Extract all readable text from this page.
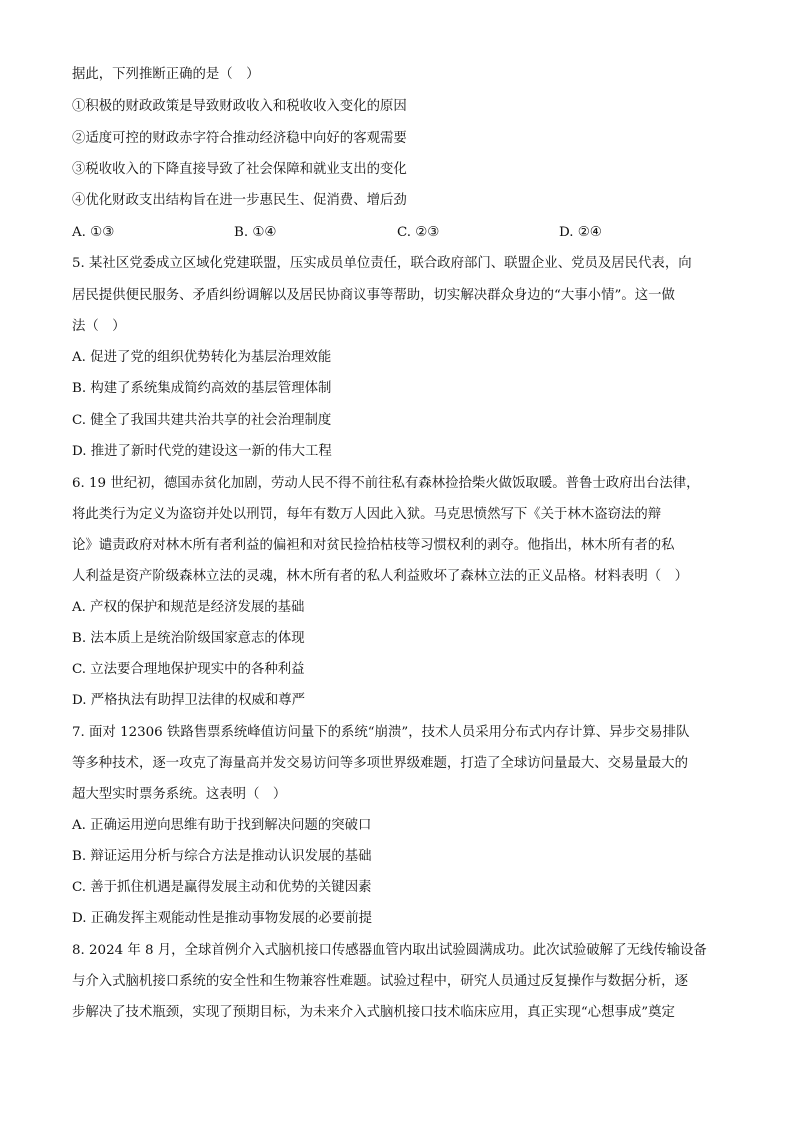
据此，下列推断正确的是（　）
①积极的财政政策是导致财政收入和税收收入变化的原因
②适度可控的财政赤字符合推动经济稳中向好的客观需要
③税收收入的下降直接导致了社会保障和就业支出的变化
④优化财政支出结构旨在进一步惠民生、促消费、增后劲
A. ①③	B. ①④	C. ②③	D. ②④
5. 某社区党委成立区域化党建联盟，压实成员单位责任，联合政府部门、联盟企业、党员及居民代表，向
居民提供便民服务、矛盾纠纷调解以及居民协商议事等帮助，切实解决群众身边的“大事小情”。这一做
法（　）
A. 促进了党的组织优势转化为基层治理效能
B. 构建了系统集成简约高效的基层管理体制
C. 健全了我国共建共治共享的社会治理制度
D. 推进了新时代党的建设这一新的伟大工程
6. 19 世纪初，德国赤贫化加剧，劳动人民不得不前往私有森林捡拾柴火做饭取暖。普鲁士政府出台法律，
将此类行为定义为盗窃并处以刑罚，每年有数万人因此入狱。马克思愤然写下《关于林木盗窃法的辩
论》谴责政府对林木所有者利益的偏袒和对贫民捡拾枯枝等习惯权利的剥夺。他指出，林木所有者的私
人利益是资产阶级森林立法的灵魂，林木所有者的私人利益败坏了森林立法的正义品格。材料表明（　）
A. 产权的保护和规范是经济发展的基础
B. 法本质上是统治阶级国家意志的体现
C. 立法要合理地保护现实中的各种利益
D. 严格执法有助捍卫法律的权威和尊严
7. 面对 12306 铁路售票系统峰值访问量下的系统“崩溃”，技术人员采用分布式内存计算、异步交易排队
等多种技术，逐一攻克了海量高并发交易访问等多项世界级难题，打造了全球访问量最大、交易量最大的
超大型实时票务系统。这表明（　）
A. 正确运用逆向思维有助于找到解决问题的突破口
B. 辩证运用分析与综合方法是推动认识发展的基础
C. 善于抓住机遇是赢得发展主动和优势的关键因素
D. 正确发挥主观能动性是推动事物发展的必要前提
8. 2024 年 8 月，全球首例介入式脑机接口传感器血管内取出试验圆满成功。此次试验破解了无线传输设备
与介入式脑机接口系统的安全性和生物兼容性难题。试验过程中，研究人员通过反复操作与数据分析，逐
步解决了技术瓶颈，实现了预期目标，为未来介入式脑机接口技术临床应用，真正实现“心想事成”奠定
